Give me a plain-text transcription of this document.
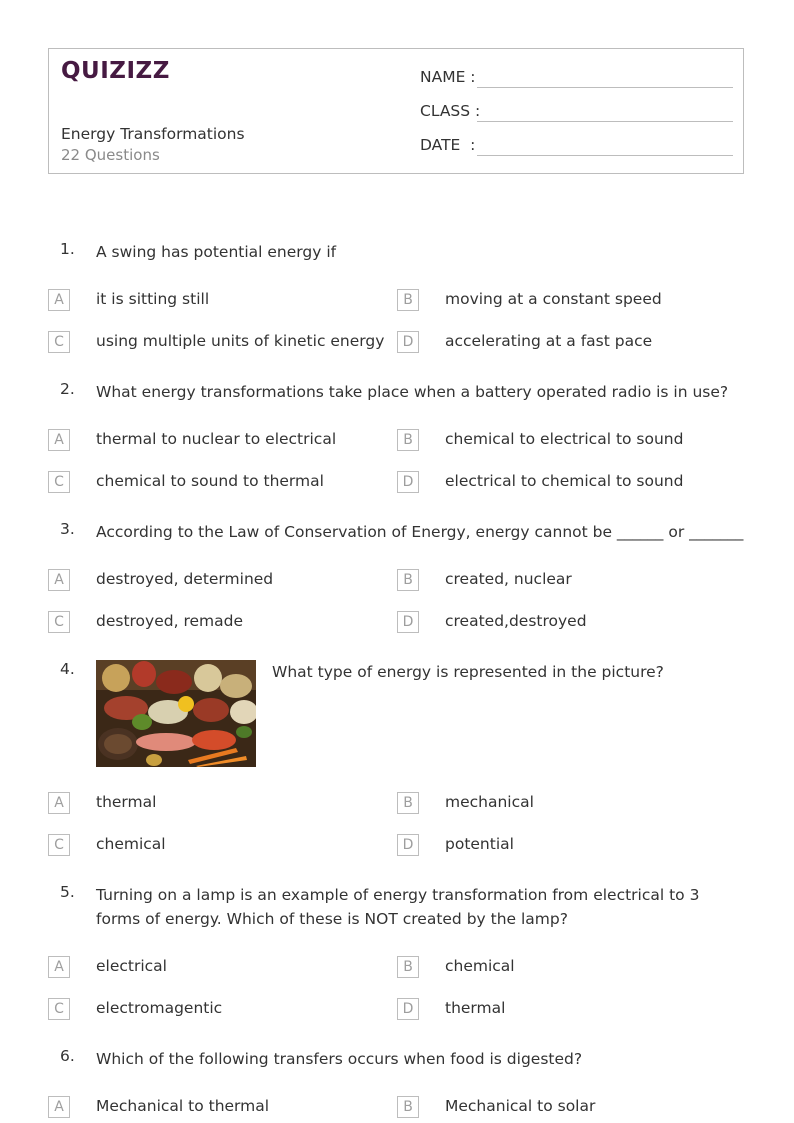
QUIZIZZ
Energy Transformations
22 Questions
NAME :
CLASS :
DATE  :
1. A swing has potential energy if
A	it is sitting still	B	moving at a constant speed
C	using multiple units of kinetic energy	D	accelerating at a fast pace
2. What energy transformations take place when a battery operated radio is in use?
A	thermal to nuclear to electrical	B	chemical to electrical to sound
C	chemical to sound to thermal	D	electrical to chemical to sound
3. According to the Law of Conservation of Energy, energy cannot be ______ or _______
A	destroyed, determined	B	created, nuclear
C	destroyed, remade	D	created,destroyed
4.	What type of energy is represented in the picture?
A	thermal	B	mechanical
C	chemical	D	potential
5. Turning on a lamp is an example of energy transformation from electrical to 3 forms of energy. Which of these is NOT created by the lamp?
A	electrical	B	chemical
C	electromagentic	D	thermal
6. Which of the following transfers occurs when food is digested?
A	Mechanical to thermal	B	Mechanical to solar
